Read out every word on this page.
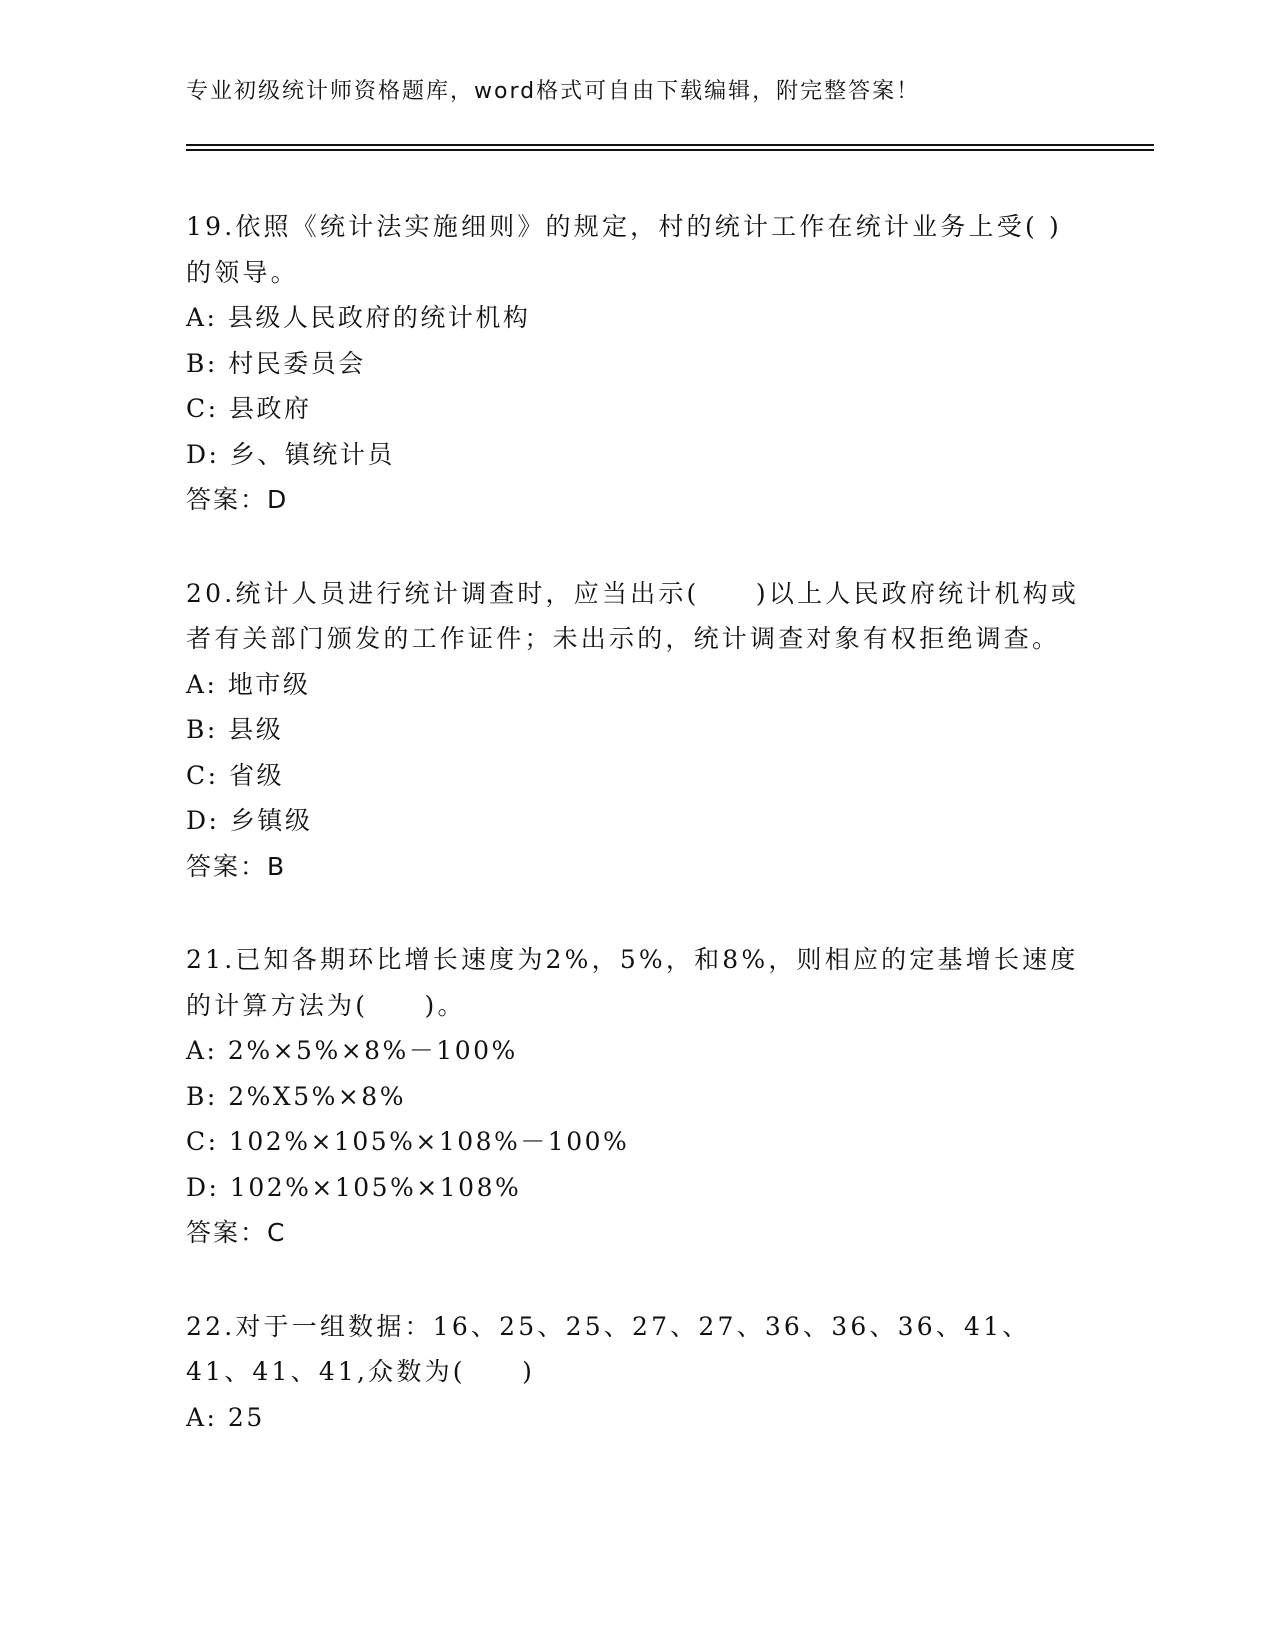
专业初级统计师资格题库，word格式可自由下载编辑，附完整答案！

19.依照《统计法实施细则》的规定，村的统计工作在统计业务上受( )的领导。

A: 县级人民政府的统计机构

B: 村民委员会

C: 县政府

D: 乡、镇统计员

答案：D

20.统计人员进行统计调查时，应当出示(　　)以上人民政府统计机构或者有关部门颁发的工作证件；未出示的，统计调查对象有权拒绝调查。

A: 地市级

B: 县级

C: 省级

D: 乡镇级

答案：B

21.已知各期环比增长速度为2%，5%，和8%，则相应的定基增长速度的计算方法为(　　)。

A: 2%×5%×8%－100%

B: 2%X5%×8%

C: 102%×105%×108%－100%

D: 102%×105%×108%

答案：C

22.对于一组数据：16、25、25、27、27、36、36、36、41、41、41、41,众数为(　　)

A: 25
